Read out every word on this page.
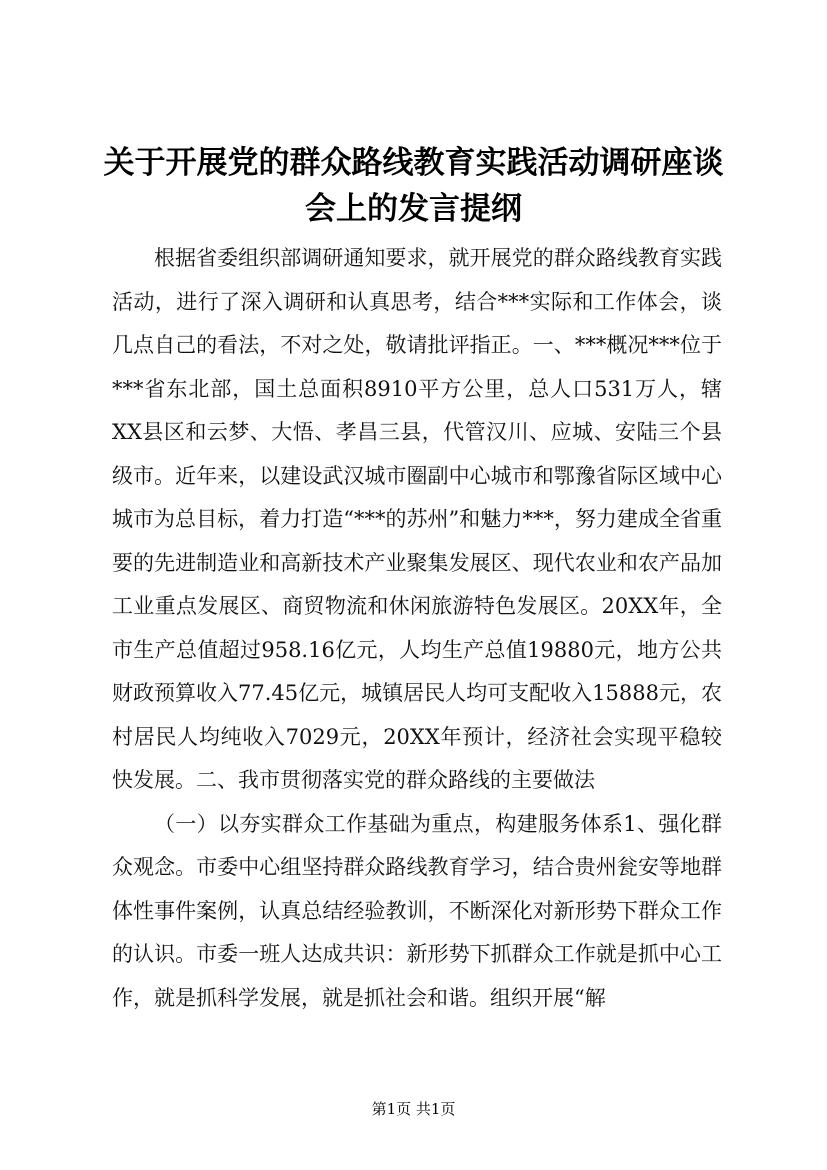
关于开展党的群众路线教育实践活动调研座谈会上的发言提纲

根据省委组织部调研通知要求，就开展党的群众路线教育实践活动，进行了深入调研和认真思考，结合***实际和工作体会，谈几点自己的看法，不对之处，敬请批评指正。一、***概况***位于***省东北部，国土总面积8910平方公里，总人口531万人，辖XX县区和云梦、大悟、孝昌三县，代管汉川、应城、安陆三个县级市。近年来，以建设武汉城市圈副中心城市和鄂豫省际区域中心城市为总目标，着力打造“***的苏州”和魅力***，努力建成全省重要的先进制造业和高新技术产业聚集发展区、现代农业和农产品加工业重点发展区、商贸物流和休闲旅游特色发展区。20XX年，全市生产总值超过958.16亿元，人均生产总值19880元，地方公共财政预算收入77.45亿元，城镇居民人均可支配收入15888元，农村居民人均纯收入7029元，20XX年预计，经济社会实现平稳较快发展。二、我市贯彻落实党的群众路线的主要做法

（一）以夯实群众工作基础为重点，构建服务体系1、强化群众观念。市委中心组坚持群众路线教育学习，结合贵州瓮安等地群体性事件案例，认真总结经验教训，不断深化对新形势下群众工作的认识。市委一班人达成共识：新形势下抓群众工作就是抓中心工作，就是抓科学发展，就是抓社会和谐。组织开展“解

第1页 共1页
